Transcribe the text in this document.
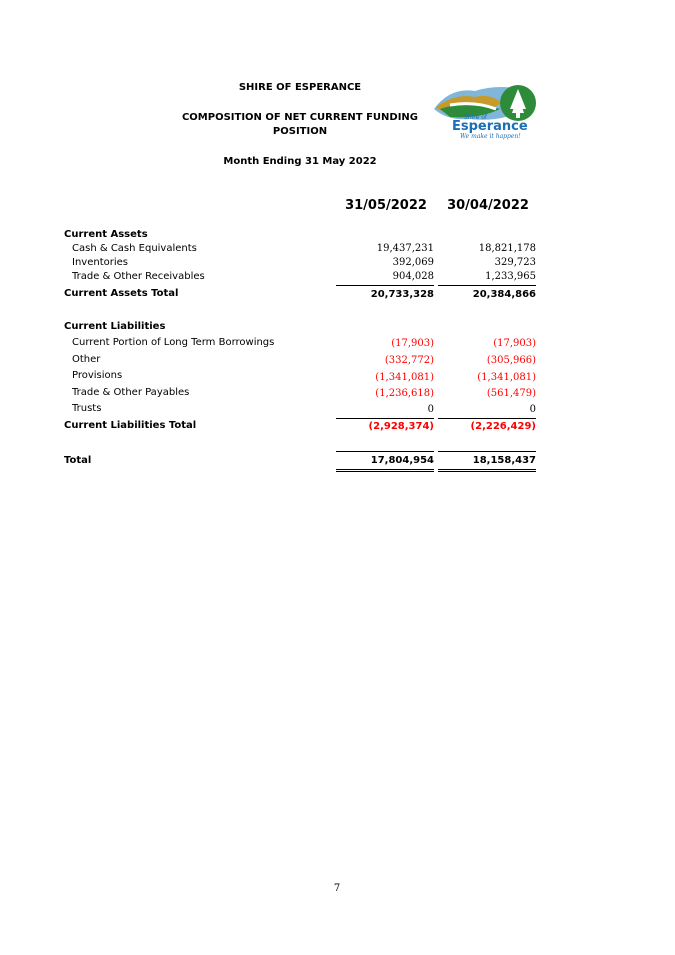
SHIRE OF ESPERANCE
COMPOSITION OF NET CURRENT FUNDING
POSITION
Month Ending 31 May 2022
Shire of
Esperance
We make it happen!
31/05/2022	30/04/2022
Current Assets
Cash & Cash Equivalents	19,437,231	18,821,178
Inventories	392,069	329,723
Trade & Other Receivables	904,028	1,233,965
Current Assets Total	20,733,328	20,384,866
Current Liabilities
Current Portion of Long Term Borrowings	(17,903)	(17,903)
Other	(332,772)	(305,966)
Provisions	(1,341,081)	(1,341,081)
Trade & Other Payables	(1,236,618)	(561,479)
Trusts	0	0
Current Liabilities Total	(2,928,374)	(2,226,429)
Total	17,804,954	18,158,437
7
